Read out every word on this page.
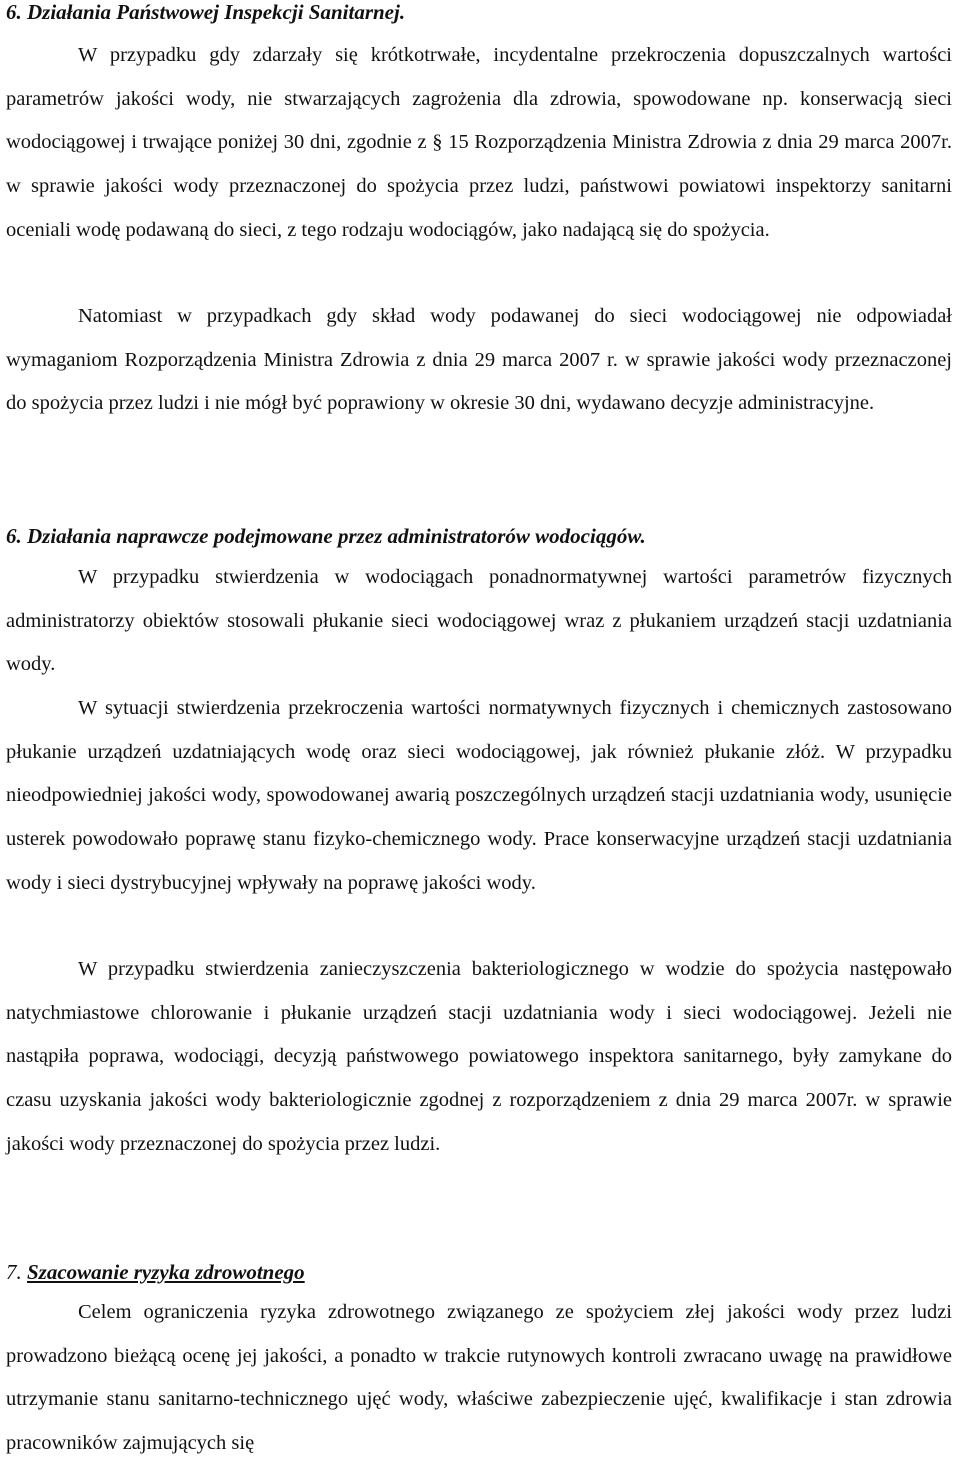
6. Działania Państwowej Inspekcji Sanitarnej.

W przypadku gdy zdarzały się krótkotrwałe, incydentalne przekroczenia dopuszczalnych wartości parametrów jakości wody, nie stwarzających zagrożenia dla zdrowia, spowodowane np. konserwacją sieci wodociągowej i trwające poniżej 30 dni, zgodnie z § 15 Rozporządzenia Ministra Zdrowia z dnia 29 marca 2007r. w sprawie jakości wody przeznaczonej do spożycia przez ludzi, państwowi powiatowi inspektorzy sanitarni oceniali wodę podawaną do sieci, z tego rodzaju wodociągów, jako nadającą się do spożycia.

Natomiast w przypadkach gdy skład wody podawanej do sieci wodociągowej nie odpowiadał wymaganiom Rozporządzenia Ministra Zdrowia z dnia 29 marca 2007 r. w sprawie jakości wody przeznaczonej do spożycia przez ludzi i nie mógł być poprawiony w okresie 30 dni, wydawano decyzje administracyjne.

6. Działania naprawcze podejmowane przez administratorów wodociągów.

W przypadku stwierdzenia w wodociągach ponadnormatywnej wartości parametrów fizycznych administratorzy obiektów stosowali płukanie sieci wodociągowej wraz z płukaniem urządzeń stacji uzdatniania wody.

W sytuacji stwierdzenia przekroczenia wartości normatywnych fizycznych i chemicznych zastosowano płukanie urządzeń uzdatniających wodę oraz sieci wodociągowej, jak również płukanie złóż. W przypadku nieodpowiedniej jakości wody, spowodowanej awarią poszczególnych urządzeń stacji uzdatniania wody, usunięcie usterek powodowało poprawę stanu fizyko-chemicznego wody. Prace konserwacyjne urządzeń stacji uzdatniania wody i sieci dystrybucyjnej wpływały na poprawę jakości wody.

W przypadku stwierdzenia zanieczyszczenia bakteriologicznego w wodzie do spożycia następowało natychmiastowe chlorowanie i płukanie urządzeń stacji uzdatniania wody i sieci wodociągowej. Jeżeli nie nastąpiła poprawa, wodociągi, decyzją państwowego powiatowego inspektora sanitarnego, były zamykane do czasu uzyskania jakości wody bakteriologicznie zgodnej z rozporządzeniem z dnia 29 marca 2007r. w sprawie jakości wody przeznaczonej do spożycia przez ludzi.

7. Szacowanie ryzyka zdrowotnego

Celem ograniczenia ryzyka zdrowotnego związanego ze spożyciem złej jakości wody przez ludzi prowadzono bieżącą ocenę jej jakości, a ponadto w trakcie rutynowych kontroli zwracano uwagę na prawidłowe utrzymanie stanu sanitarno-technicznego ujęć wody, właściwe zabezpieczenie ujęć, kwalifikacje i stan zdrowia pracowników zajmujących się
